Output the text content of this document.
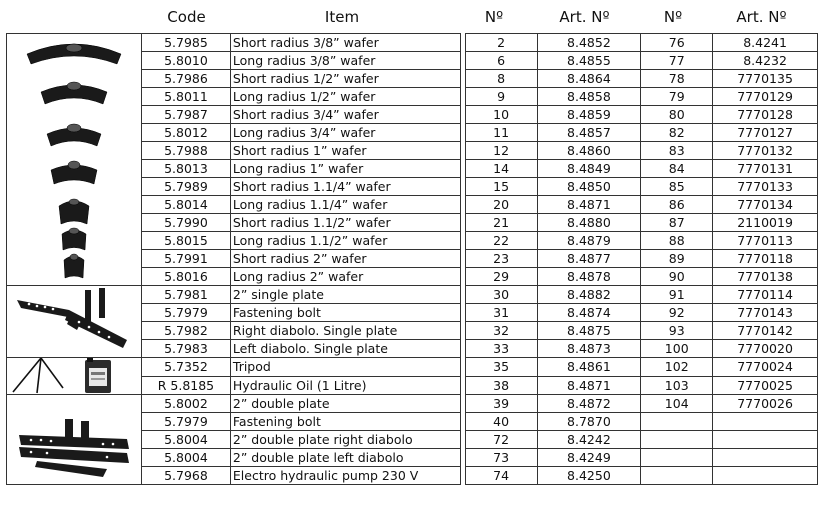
Code	Item	Nº	Art. Nº	Nº	Art. Nº
	5.7985	Short radius 3/8” wafer		2	8.4852	76	8.4241
	5.8010	Long radius 3/8” wafer		6	8.4855	77	8.4232
	5.7986	Short radius 1/2” wafer		8	8.4864	78	7770135
	5.8011	Long radius 1/2” wafer		9	8.4858	79	7770129
	5.7987	Short radius 3/4” wafer		10	8.4859	80	7770128
	5.8012	Long radius 3/4” wafer		11	8.4857	82	7770127
	5.7988	Short radius 1” wafer		12	8.4860	83	7770132
	5.8013	Long radius 1” wafer		14	8.4849	84	7770131
	5.7989	Short radius 1.1/4” wafer		15	8.4850	85	7770133
	5.8014	Long radius 1.1/4” wafer		20	8.4871	86	7770134
	5.7990	Short radius 1.1/2” wafer		21	8.4880	87	2110019
	5.8015	Long radius 1.1/2” wafer		22	8.4879	88	7770113
	5.7991	Short radius 2” wafer		23	8.4877	89	7770118
	5.8016	Long radius 2” wafer		29	8.4878	90	7770138

	5.7981	2” single plate		30	8.4882	91	7770114
	5.7979	Fastening bolt		31	8.4874	92	7770143
	5.7982	Right diabolo. Single plate		32	8.4875	93	7770142
	5.7983	Left diabolo. Single plate		33	8.4873	100	7770020

	5.7352	Tripod		35	8.4861	102	7770024
	R 5.8185	Hydraulic Oil (1 Litre)		38	8.4871	103	7770025

	5.8002	2” double plate		39	8.4872	104	7770026
	5.7979	Fastening bolt		40	8.7870		
	5.8004	2” double plate right diabolo		72	8.4242		
	5.8004	2” double plate left diabolo		73	8.4249		
	5.7968	Electro hydraulic pump 230 V		74	8.4250		
